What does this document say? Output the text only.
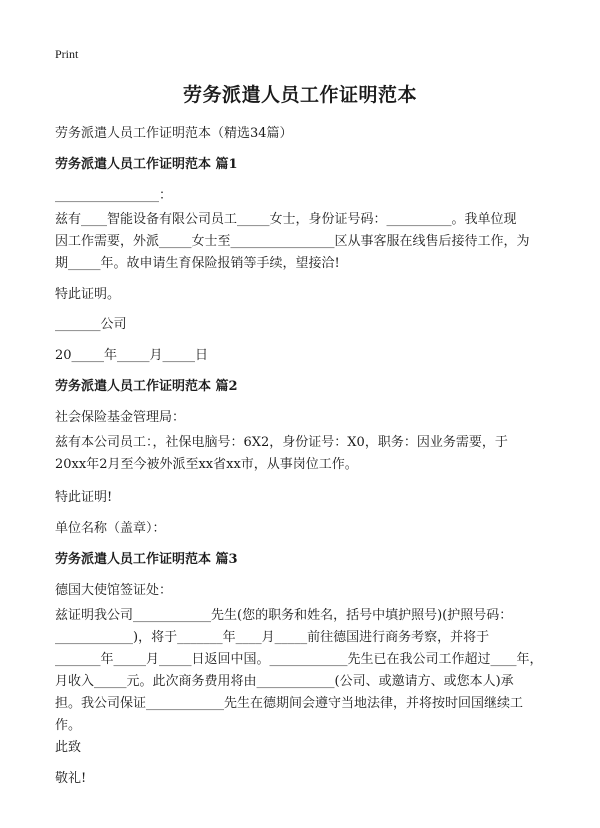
Print
劳务派遣人员工作证明范本
劳务派遣人员工作证明范本（精选34篇）
劳务派遣人员工作证明范本 篇1
________________：
兹有____智能设备有限公司员工_____女士，身份证号码：__________。我单位现
因工作需要，外派_____女士至________________区从事客服在线售后接待工作，为
期_____年。故申请生育保险报销等手续，望接洽!
特此证明。
_______公司
20_____年_____月_____日
劳务派遣人员工作证明范本 篇2
社会保险基金管理局：
兹有本公司员工：，社保电脑号：6X2，身份证号：X0，职务：因业务需要，于
20xx年2月至今被外派至xx省xx市，从事岗位工作。
特此证明!
单位名称（盖章）：
劳务派遣人员工作证明范本 篇3
德国大使馆签证处：
兹证明我公司____________先生(您的职务和姓名，括号中填护照号)(护照号码：
____________)，将于_______年____月_____前往德国进行商务考察，并将于
_______年_____月_____日返回中国。____________先生已在我公司工作超过____年，
月收入_____元。此次商务费用将由____________(公司、或邀请方、或您本人)承
担。我公司保证____________先生在德期间会遵守当地法律，并将按时回国继续工
作。
此致
敬礼!
